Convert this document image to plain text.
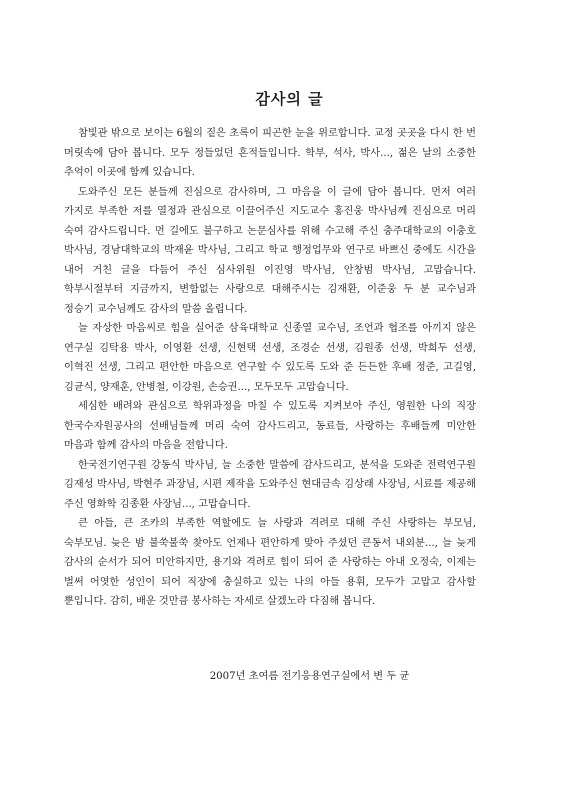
감사의 글

참빛관 밖으로 보이는 6월의 짙은 초록이 피곤한 눈을 위로합니다. 교정 곳곳을 다시 한 번 머릿속에 담아 봅니다. 모두 정들었던 흔적들입니다. 학부, 석사, 박사..., 젊은 날의 소중한 추억이 이곳에 함께 있습니다.

도와주신 모든 분들께 진심으로 감사하며, 그 마음을 이 글에 담아 봅니다. 먼저 여러 가지로 부족한 저를 열정과 관심으로 이끌어주신 지도교수 홍진웅 박사님께 진심으로 머리 숙여 감사드립니다. 먼 길에도 불구하고 논문심사를 위해 수고해 주신 충주대학교의 이충호 박사님, 경남대학교의 박재윤 박사님, 그리고 학교 행정업무와 연구로 바쁘신 중에도 시간을 내어 거친 글을 다듬어 주신 심사위원 이진영 박사님, 안창범 박사님, 고맙습니다. 학부시절부터 지금까지, 변함없는 사랑으로 대해주시는 김재환, 이준웅 두 분 교수님과 정승기 교수님께도 감사의 말씀 올립니다.

늘 자상한 마음씨로 힘을 실어준 삼육대학교 신종열 교수님, 조언과 협조를 아끼지 않은 연구실 김탁용 박사, 이영환 선생, 신현택 선생, 조경순 선생, 김원종 선생, 박희두 선생, 이혁진 선생, 그리고 편안한 마음으로 연구할 수 있도록 도와 준 든든한 후배 정준, 고길영, 김균식, 양재훈, 안병철, 이강원, 손승권..., 모두모두 고맙습니다.

세심한 배려와 관심으로 학위과정을 마칠 수 있도록 지켜보아 주신, 영원한 나의 직장 한국수자원공사의 선배님들께 머리 숙여 감사드리고, 동료들, 사랑하는 후배들께 미안한 마음과 함께 감사의 마음을 전합니다.

한국전기연구원 강동식 박사님, 늘 소중한 말씀에 감사드리고, 분석을 도와준 전력연구원 김재성 박사님, 박현주 과장님, 시편 제작을 도와주신 현대금속 김상래 사장님, 시료를 제공해 주신 영화학 김종환 사장님..., 고맙습니다.

큰 아들, 큰 조카의 부족한 역할에도 늘 사랑과 격려로 대해 주신 사랑하는 부모님, 숙부모님. 늦은 밤 불쑥불쑥 찾아도 언제나 편안하게 맞아 주셨던 큰동서 내외분..., 늘 늦게 감사의 순서가 되어 미안하지만, 용기와 격려로 힘이 되어 준 사랑하는 아내 오정숙, 이제는 벌써 어엿한 성인이 되어 직장에 충실하고 있는 나의 아들 용휘, 모두가 고맙고 감사할 뿐입니다. 감히, 배운 것만큼 봉사하는 자세로 살겠노라 다짐해 봅니다.

2007년 초여름 전기응용연구실에서 변 두 균
